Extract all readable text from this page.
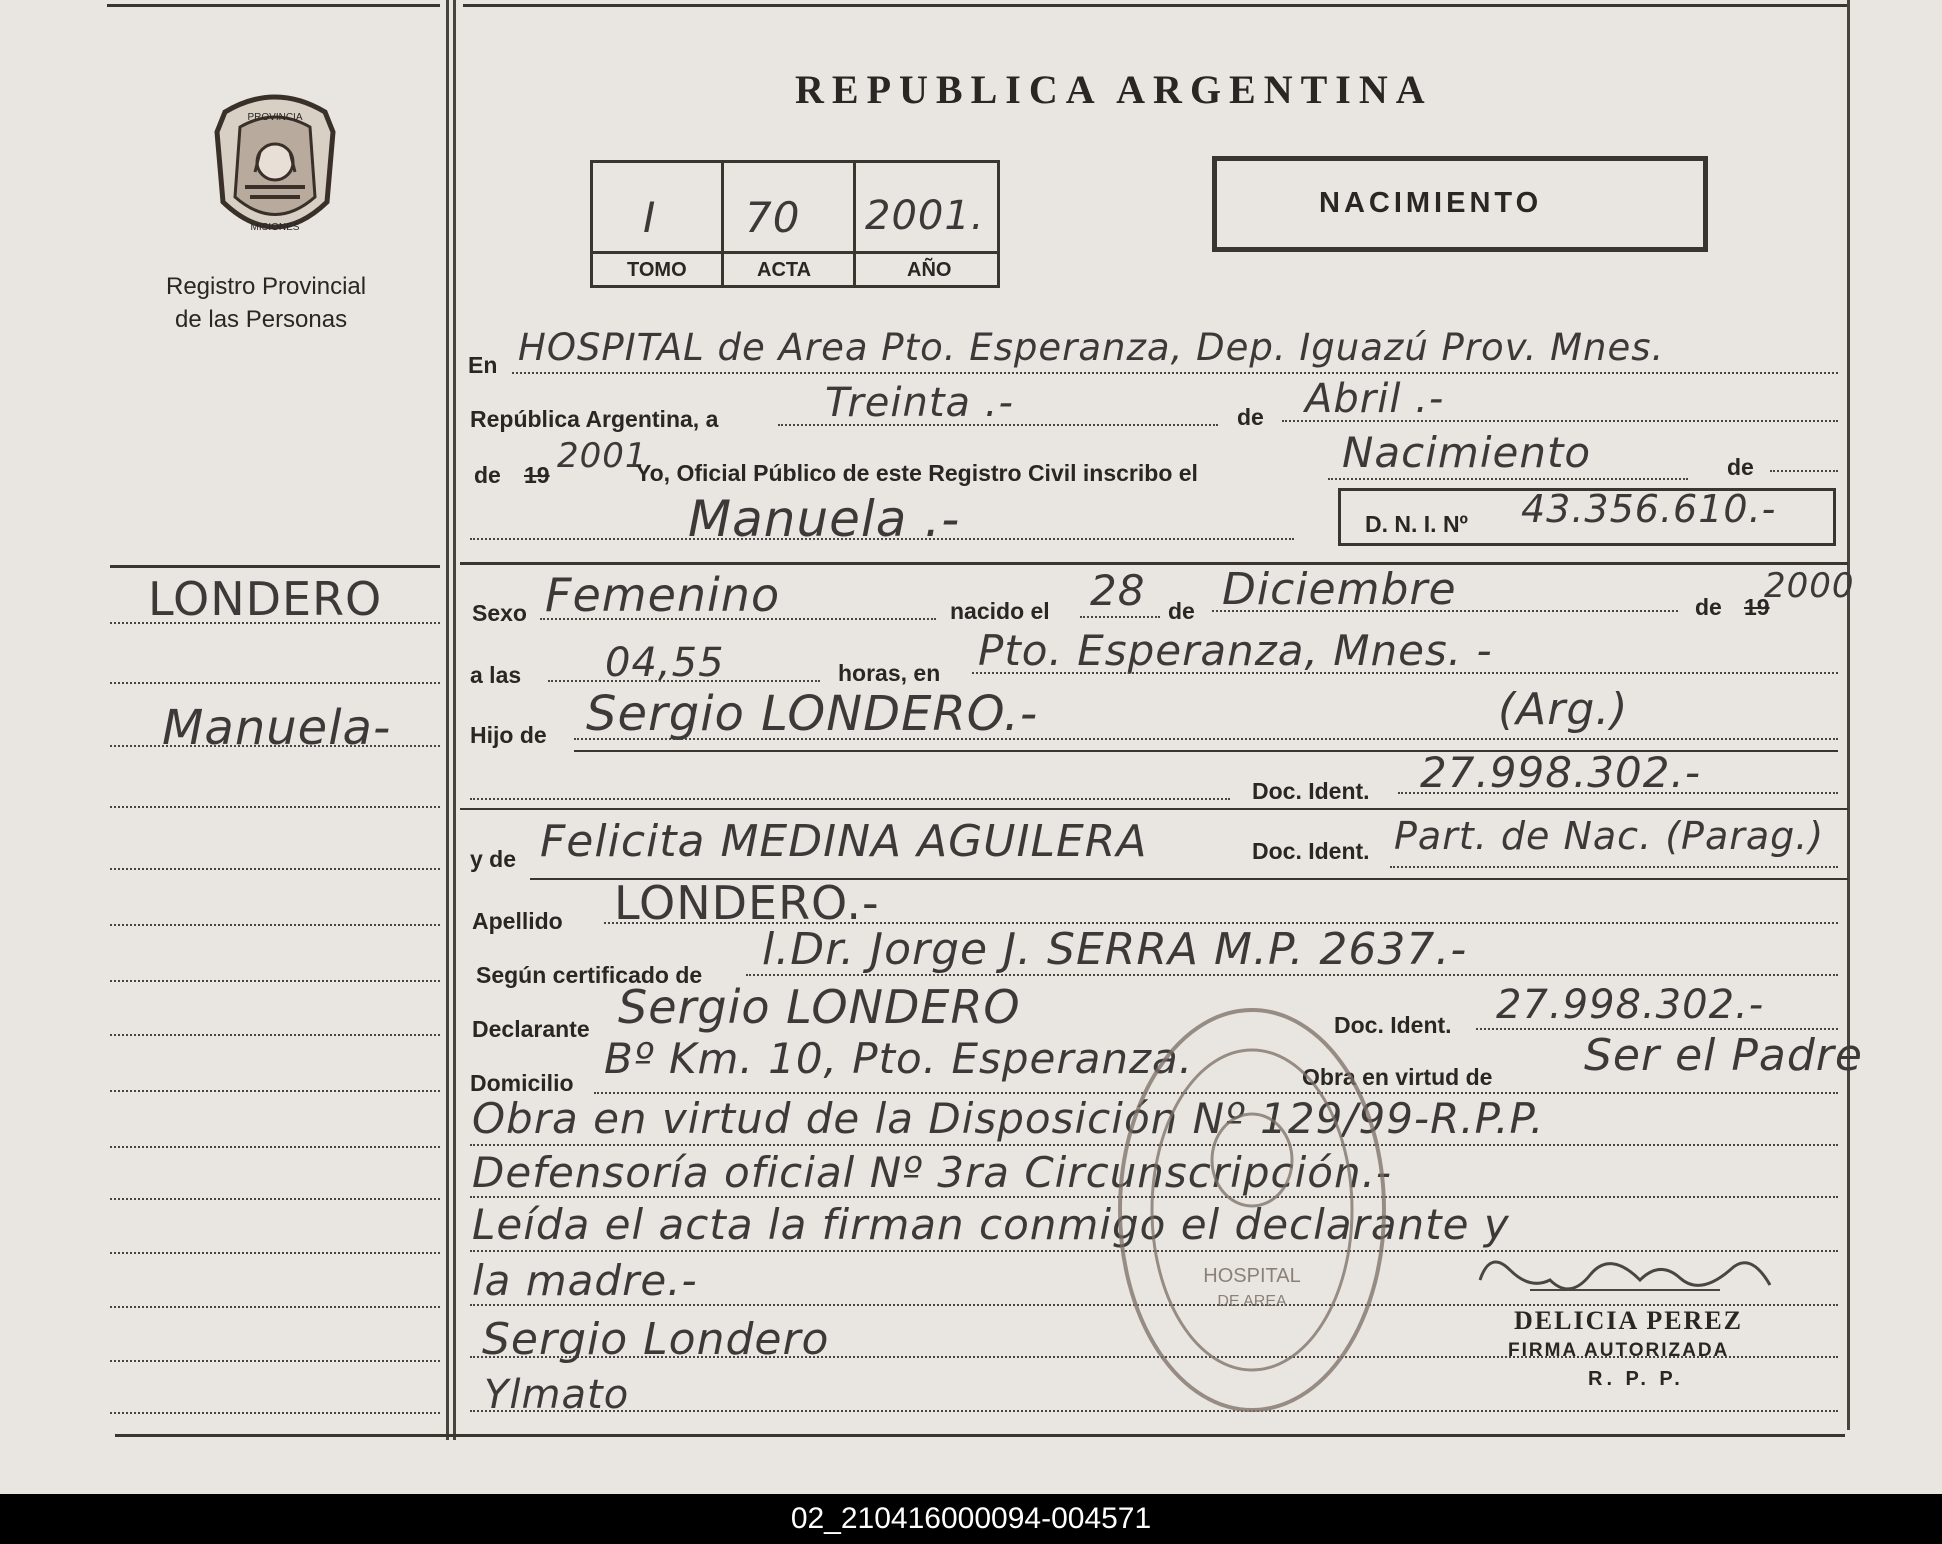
PROVINCIA
MISIONES
Registro Provincial
de las Personas
REPUBLICA ARGENTINA
I 70 2001.
TOMO	ACTA	AÑO
NACIMIENTO
LONDERO
Manuela-
En HOSPITAL de Area Pto. Esperanza, Dep. Iguazú Prov. Mnes.
República Argentina, a	Treinta .-	de Abril .-
de 19 2001
Yo, Oficial Público de este Registro Civil inscribo el	Nacimiento	de
Manuela .-	D. N. I. Nº 43.356.610.-
Sexo Femenino	nacido el 28 de Diciembre	de 19
2000
a las 04,55	horas, en Pto. Esperanza, Mnes. -
Hijo de Sergio LONDERO.-	(Arg.)
Doc. Ident. 27.998.302.-
y de Felicita MEDINA AGUILERA	Doc. Ident. Part. de Nac. (Parag.)
Apellido LONDERO.-
Según certificado de l.Dr. Jorge J. SERRA M.P. 2637.-
Declarante Sergio LONDERO	Doc. Ident. 27.998.302.-
Domicilio Bº Km. 10, Pto. Esperanza.	Obra en virtud de Ser el Padre
Obra en virtud de la Disposición Nº 129/99-R.P.P.
Defensoría oficial Nº 3ra Circunscripción.-
Leída el acta la firman conmigo el declarante y
la madre.-
Sergio Londero
Ylmato
DELICIA PEREZ
FIRMA AUTORIZADA
R. P. P.
HOSPITAL
DE AREA
02_210416000094-004571
